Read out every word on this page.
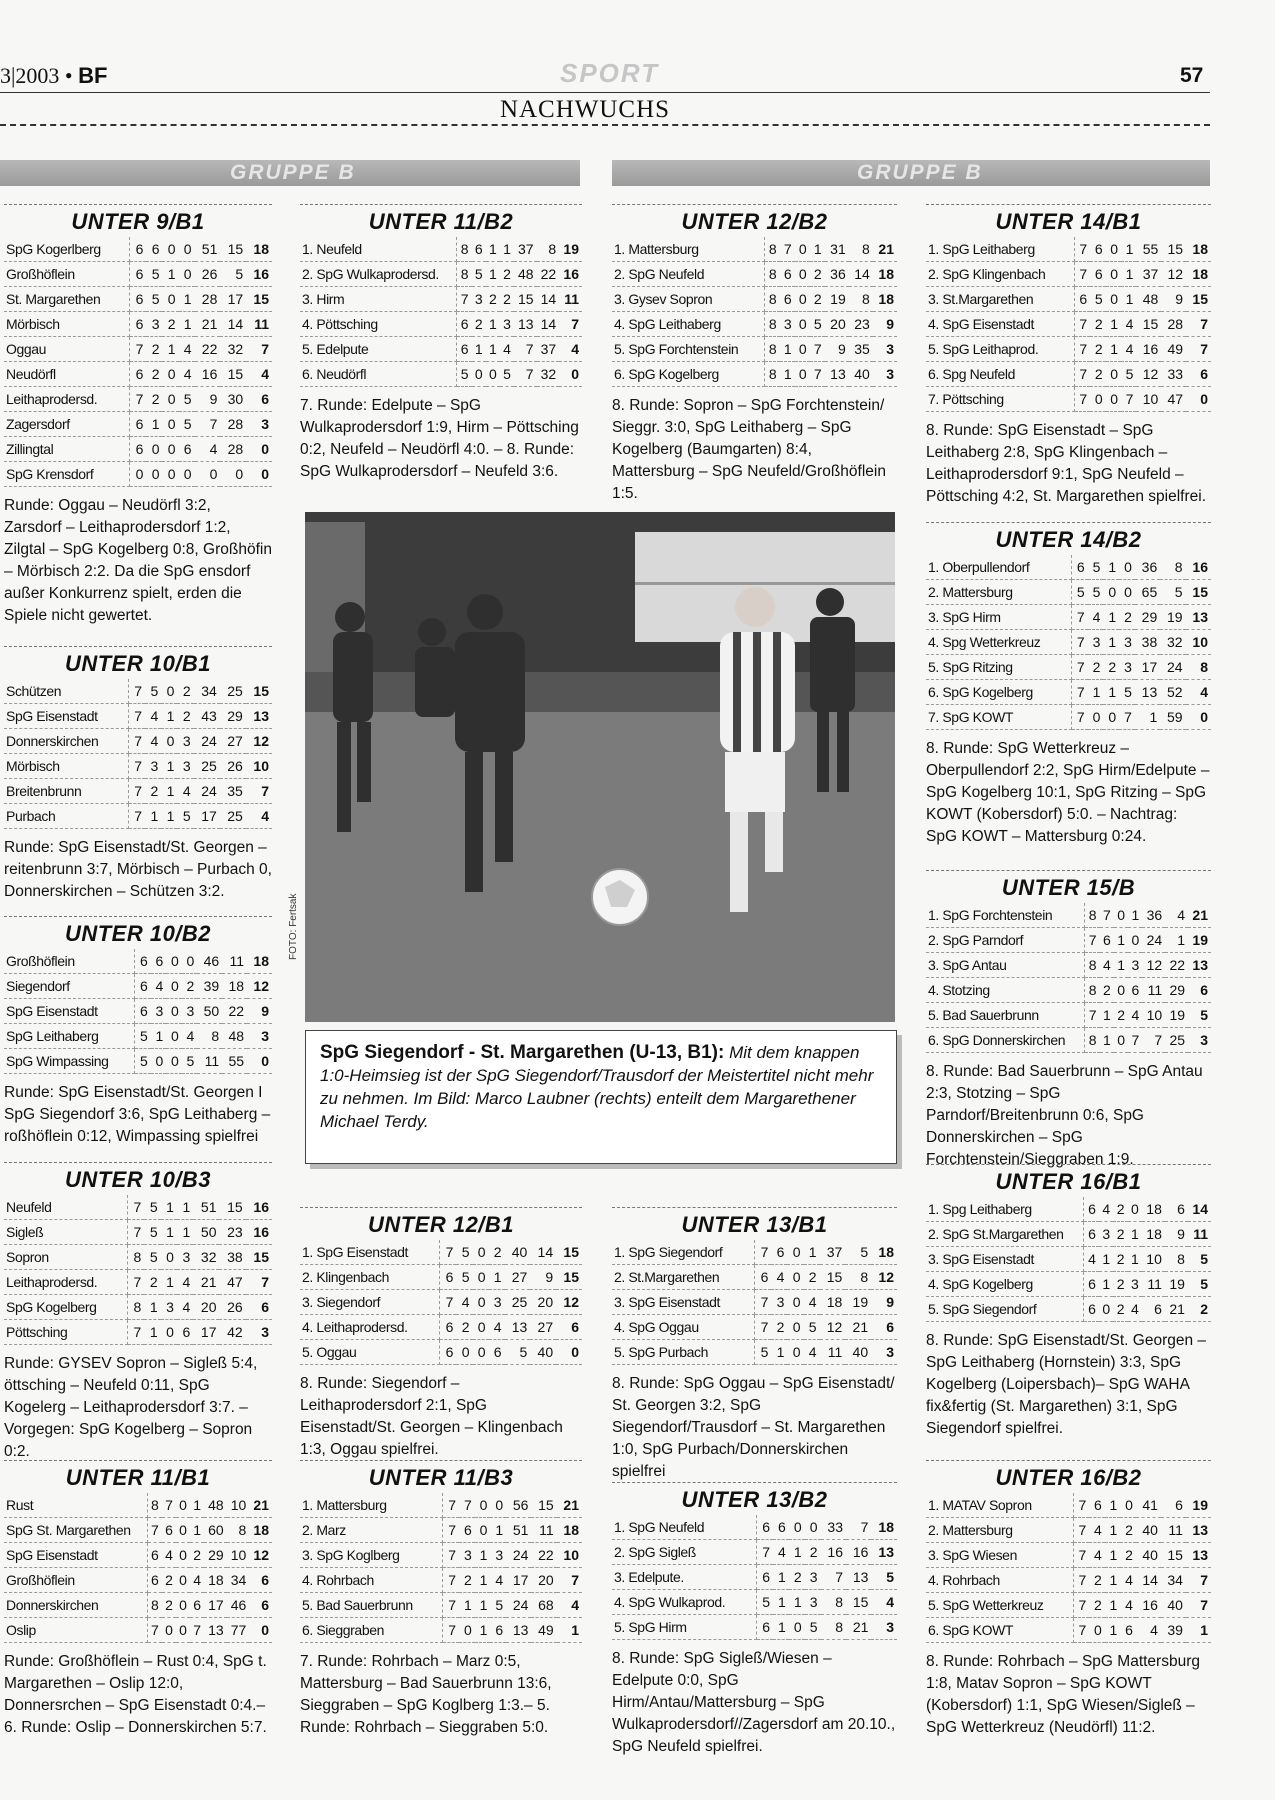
3|2003 • BF	SPORT	57
NACHWUCHS
GRUPPE B	GRUPPE B
UNTER 9/B1
SpG Kogerlberg	6	6	0	0	51	15	18
Großhöflein	6	5	1	0	26	5	16
St. Margarethen	6	5	0	1	28	17	15
Mörbisch	6	3	2	1	21	14	11
Oggau	7	2	1	4	22	32	7
Neudörfl	6	2	0	4	16	15	4
Leithaprodersd.	7	2	0	5	9	30	6
Zagersdorf	6	1	0	5	7	28	3
Zillingtal	6	0	0	6	4	28	0
SpG Krensdorf	0	0	0	0	0	0	0
Runde: Oggau – Neudörfl 3:2, Zarsdorf – Leithaprodersdorf 1:2, Zilgtal – SpG Kogelberg 0:8, Großhöfin – Mörbisch 2:2. Da die SpG ensdorf außer Konkurrenz spielt, erden die Spiele nicht gewertet.
UNTER 10/B1
Schützen	7	5	0	2	34	25	15
SpG Eisenstadt	7	4	1	2	43	29	13
Donnerskirchen	7	4	0	3	24	27	12
Mörbisch	7	3	1	3	25	26	10
Breitenbrunn	7	2	1	4	24	35	7
Purbach	7	1	1	5	17	25	4
Runde: SpG Eisenstadt/St. Georgen – reitenbrunn 3:7, Mörbisch – Purbach 0, Donnerskirchen – Schützen 3:2.
UNTER 10/B2
Großhöflein	6	6	0	0	46	11	18
Siegendorf	6	4	0	2	39	18	12
SpG Eisenstadt	6	3	0	3	50	22	9
SpG Leithaberg	5	1	0	4	8	48	3
SpG Wimpassing	5	0	0	5	11	55	0
Runde: SpG Eisenstadt/St. Georgen I SpG Siegendorf 3:6, SpG Leithaberg – roßhöflein 0:12, Wimpassing spielfrei
UNTER 10/B3
Neufeld	7	5	1	1	51	15	16
Sigleß	7	5	1	1	50	23	16
Sopron	8	5	0	3	32	38	15
Leithaprodersd.	7	2	1	4	21	47	7
SpG Kogelberg	8	1	3	4	20	26	6
Pöttsching	7	1	0	6	17	42	3
Runde: GYSEV Sopron – Sigleß 5:4, öttsching – Neufeld 0:11, SpG Kogelerg – Leithaprodersdorf 3:7. – Vorgegen: SpG Kogelberg – Sopron 0:2.
UNTER 11/B1
Rust	8	7	0	1	48	10	21
SpG St. Margarethen	7	6	0	1	60	8	18
SpG Eisenstadt	6	4	0	2	29	10	12
Großhöflein	6	2	0	4	18	34	6
Donnerskirchen	8	2	0	6	17	46	6
Oslip	7	0	0	7	13	77	0
Runde: Großhöflein – Rust 0:4, SpG t. Margarethen – Oslip 12:0, Donnersrchen – SpG Eisenstadt 0:4.– 6. Runde: Oslip – Donnerskirchen 5:7.
UNTER 11/B2
1. Neufeld	8	6	1	1	37	8	19
2. SpG Wulkaprodersd.	8	5	1	2	48	22	16
3. Hirm	7	3	2	2	15	14	11
4. Pöttsching	6	2	1	3	13	14	7
5. Edelpute	6	1	1	4	7	37	4
6. Neudörfl	5	0	0	5	7	32	0
7. Runde: Edelpute – SpG Wulkaprodersdorf 1:9, Hirm – Pöttsching 0:2, Neufeld – Neudörfl 4:0. – 8. Runde: SpG Wulkaprodersdorf – Neufeld 3:6.
UNTER 12/B1
1. SpG Eisenstadt	7	5	0	2	40	14	15
2. Klingenbach	6	5	0	1	27	9	15
3. Siegendorf	7	4	0	3	25	20	12
4. Leithaprodersd.	6	2	0	4	13	27	6
5. Oggau	6	0	0	6	5	40	0
8. Runde: Siegendorf – Leithaprodersdorf 2:1, SpG Eisenstadt/St. Georgen – Klingenbach 1:3, Oggau spielfrei.
UNTER 11/B3
1. Mattersburg	7	7	0	0	56	15	21
2. Marz	7	6	0	1	51	11	18
3. SpG Koglberg	7	3	1	3	24	22	10
4. Rohrbach	7	2	1	4	17	20	7
5. Bad Sauerbrunn	7	1	1	5	24	68	4
6. Sieggraben	7	0	1	6	13	49	1
7. Runde: Rohrbach – Marz 0:5, Mattersburg – Bad Sauerbrunn 13:6, Sieggraben – SpG Koglberg 1:3.– 5. Runde: Rohrbach – Sieggraben 5:0.
UNTER 12/B2
1. Mattersburg	8	7	0	1	31	8	21
2. SpG Neufeld	8	6	0	2	36	14	18
3. Gysev Sopron	8	6	0	2	19	8	18
4. SpG Leithaberg	8	3	0	5	20	23	9
5. SpG Forchtenstein	8	1	0	7	9	35	3
6. SpG Kogelberg	8	1	0	7	13	40	3
8. Runde: Sopron – SpG Forchtenstein/ Sieggr. 3:0, SpG Leithaberg – SpG Kogelberg (Baumgarten) 8:4, Mattersburg – SpG Neufeld/Großhöflein 1:5.
UNTER 13/B1
1. SpG Siegendorf	7	6	0	1	37	5	18
2. St.Margarethen	6	4	0	2	15	8	12
3. SpG Eisenstadt	7	3	0	4	18	19	9
4. SpG Oggau	7	2	0	5	12	21	6
5. SpG Purbach	5	1	0	4	11	40	3
8. Runde: SpG Oggau – SpG Eisenstadt/ St. Georgen 3:2, SpG Siegendorf/Trausdorf – St. Margarethen 1:0, SpG Purbach/Donnerskirchen spielfrei
UNTER 13/B2
1. SpG Neufeld	6	6	0	0	33	7	18
2. SpG Sigleß	7	4	1	2	16	16	13
3. Edelpute.	6	1	2	3	7	13	5
4. SpG Wulkaprod.	5	1	1	3	8	15	4
5. SpG Hirm	6	1	0	5	8	21	3
8. Runde: SpG Sigleß/Wiesen – Edelpute 0:0, SpG Hirm/Antau/Mattersburg – SpG Wulkaprodersdorf//Zagersdorf am 20.10., SpG Neufeld spielfrei.
UNTER 14/B1
1. SpG Leithaberg	7	6	0	1	55	15	18
2. SpG Klingenbach	7	6	0	1	37	12	18
3. St.Margarethen	6	5	0	1	48	9	15
4. SpG Eisenstadt	7	2	1	4	15	28	7
5. SpG Leithaprod.	7	2	1	4	16	49	7
6. Spg Neufeld	7	2	0	5	12	33	6
7. Pöttsching	7	0	0	7	10	47	0
8. Runde: SpG Eisenstadt – SpG Leithaberg 2:8, SpG Klingenbach – Leithaprodersdorf 9:1, SpG Neufeld – Pöttsching 4:2, St. Margarethen spielfrei.
UNTER 14/B2
1. Oberpullendorf	6	5	1	0	36	8	16
2. Mattersburg	5	5	0	0	65	5	15
3. SpG Hirm	7	4	1	2	29	19	13
4. Spg Wetterkreuz	7	3	1	3	38	32	10
5. SpG Ritzing	7	2	2	3	17	24	8
6. SpG Kogelberg	7	1	1	5	13	52	4
7. SpG KOWT	7	0	0	7	1	59	0
8. Runde: SpG Wetterkreuz – Oberpullendorf 2:2, SpG Hirm/Edelpute – SpG Kogelberg 10:1, SpG Ritzing – SpG KOWT (Kobersdorf) 5:0. – Nachtrag: SpG KOWT – Mattersburg 0:24.
UNTER 15/B
1. SpG Forchtenstein	8	7	0	1	36	4	21
2. SpG Parndorf	7	6	1	0	24	1	19
3. SpG Antau	8	4	1	3	12	22	13
4. Stotzing	8	2	0	6	11	29	6
5. Bad Sauerbrunn	7	1	2	4	10	19	5
6. SpG Donnerskirchen	8	1	0	7	7	25	3
8. Runde: Bad Sauerbrunn – SpG Antau 2:3, Stotzing – SpG Parndorf/Breitenbrunn 0:6, SpG Donnerskirchen – SpG Forchtenstein/Sieggraben 1:9.
UNTER 16/B1
1. Spg Leithaberg	6	4	2	0	18	6	14
2. SpG St.Margarethen	6	3	2	1	18	9	11
3. SpG Eisenstadt	4	1	2	1	10	8	5
4. SpG Kogelberg	6	1	2	3	11	19	5
5. SpG Siegendorf	6	0	2	4	6	21	2
8. Runde: SpG Eisenstadt/St. Georgen – SpG Leithaberg (Hornstein) 3:3, SpG Kogelberg (Loipersbach)– SpG WAHA fix&fertig (St. Margarethen) 3:1, SpG Siegendorf spielfrei.
UNTER 16/B2
1. MATAV Sopron	7	6	1	0	41	6	19
2. Mattersburg	7	4	1	2	40	11	13
3. SpG Wiesen	7	4	1	2	40	15	13
4. Rohrbach	7	2	1	4	14	34	7
5. SpG Wetterkreuz	7	2	1	4	16	40	7
6. SpG KOWT	7	0	1	6	4	39	1
8. Runde: Rohrbach – SpG Mattersburg 1:8, Matav Sopron – SpG KOWT (Kobersdorf) 1:1, SpG Wiesen/Sigleß – SpG Wetterkreuz (Neudörfl) 11:2.
FOTO: Fertsak
SpG Siegendorf - St. Margarethen (U-13, B1): Mit dem knappen 1:0-Heimsieg ist der SpG Siegendorf/Trausdorf der Meistertitel nicht mehr zu nehmen. Im Bild: Marco Laubner (rechts) enteilt dem Margarethener Michael Terdy.
